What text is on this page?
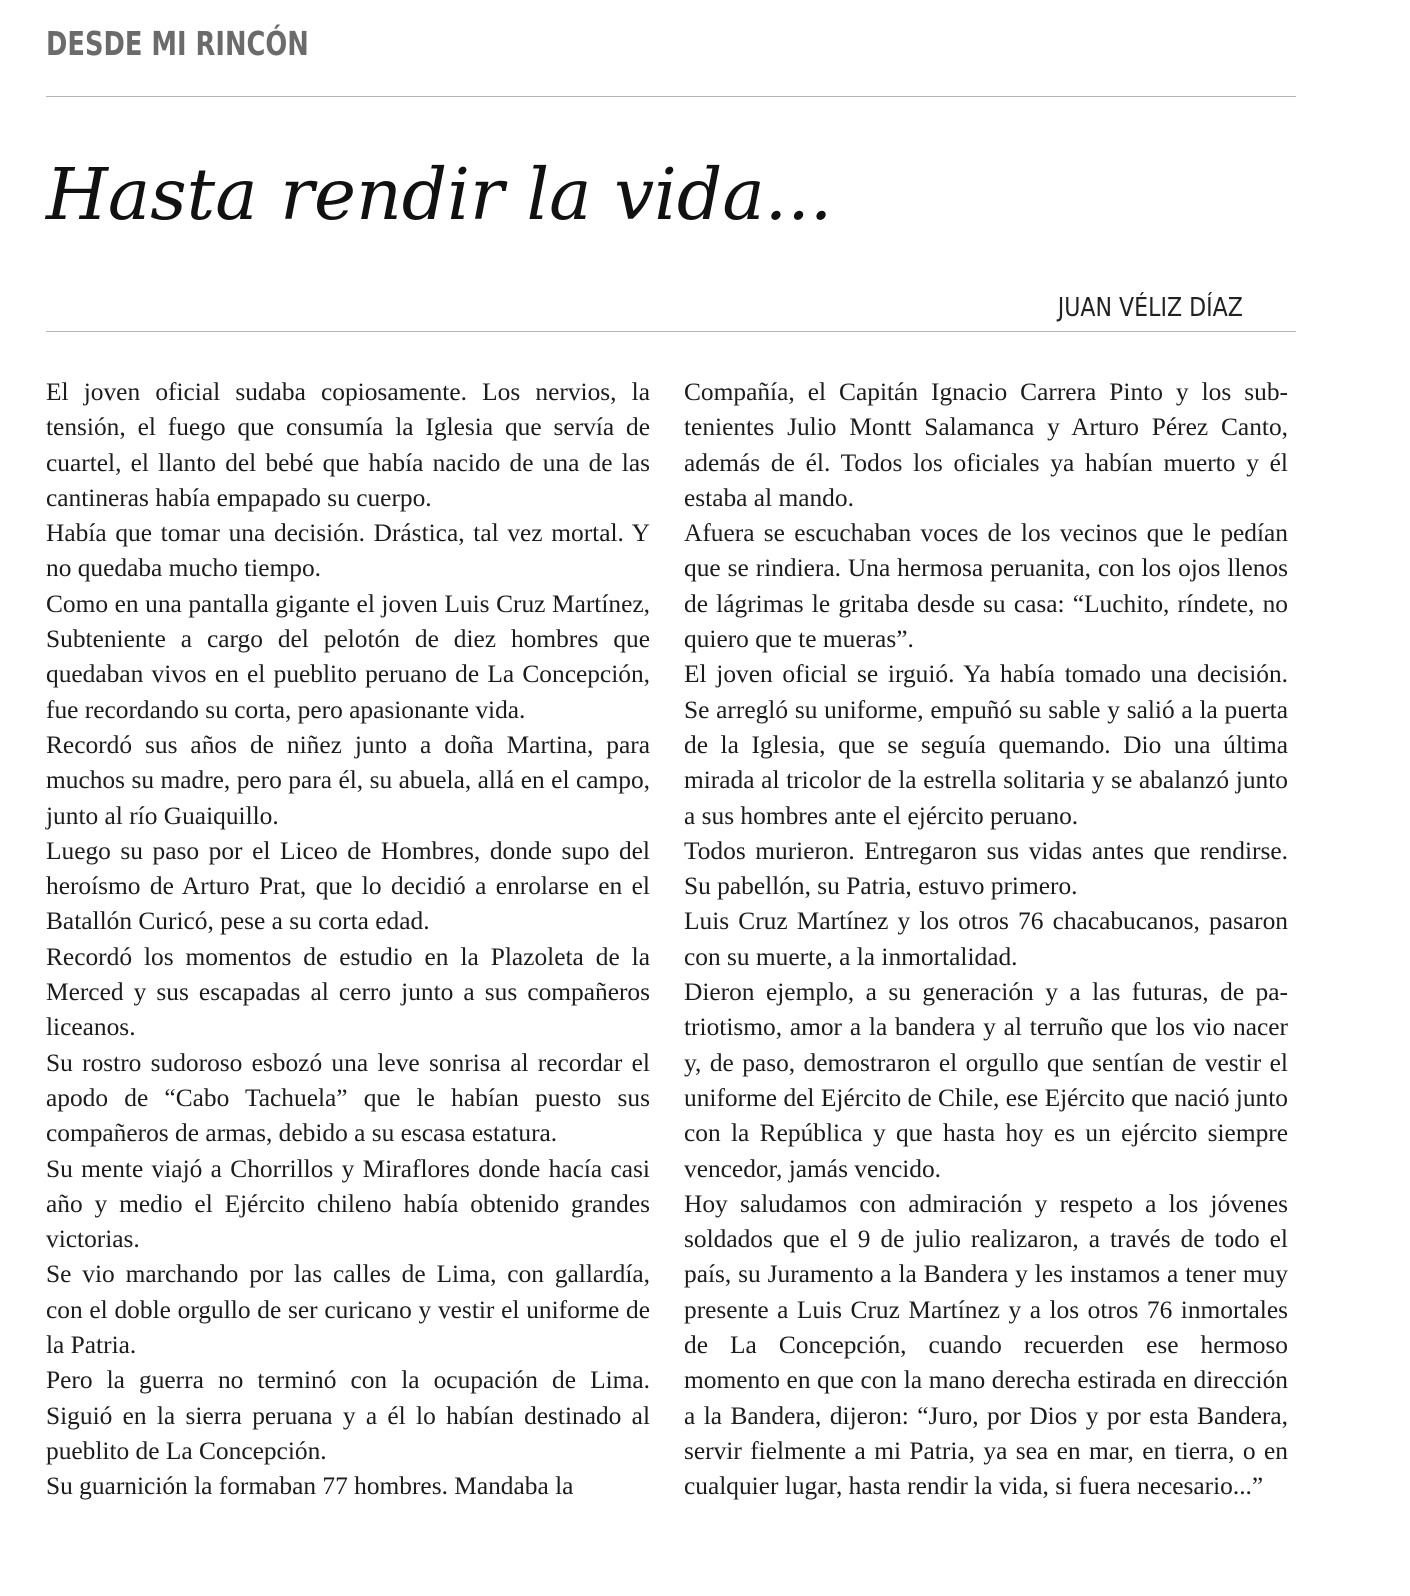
DESDE MI RINCÓN
Hasta rendir la vida...
JUAN VÉLIZ DÍAZ

El joven oficial sudaba copiosamente. Los nervios, la tensión, el fuego que consumía la Iglesia que servía de cuartel, el llanto del bebé que había nacido de una de las cantineras había empapado su cuerpo.

Había que tomar una decisión. Drástica, tal vez mortal. Y no quedaba mucho tiempo.

Como en una pantalla gigante el joven Luis Cruz Martínez, Subteniente a cargo del pelotón de diez hombres que quedaban vivos en el pueblito peruano de La Concepción, fue recordando su corta, pero apasionante vida.

Recordó sus años de niñez junto a doña Martina, para muchos su madre, pero para él, su abuela, allá en el campo, junto al río Guaiquillo.

Luego su paso por el Liceo de Hombres, donde supo del heroísmo de Arturo Prat, que lo decidió a enrolarse en el Batallón Curicó, pese a su corta edad.

Recordó los momentos de estudio en la Plazoleta de la Merced y sus escapadas al cerro junto a sus compañeros liceanos.

Su rostro sudoroso esbozó una leve sonrisa al recordar el apodo de “Cabo Tachuela” que le habían puesto sus compañeros de armas, debido a su escasa estatura.

Su mente viajó a Chorrillos y Miraflores donde hacía casi año y medio el Ejército chileno había obtenido grandes victorias.

Se vio marchando por las calles de Lima, con gallardía, con el doble orgullo de ser curicano y vestir el uniforme de la Patria.

Pero la guerra no terminó con la ocupación de Lima. Siguió en la sierra peruana y a él lo habían destinado al pueblito de La Concepción.

Su guarnición la formaban 77 hombres. Mandaba la

Compañía, el Capitán Ignacio Carrera Pinto y los subtenientes Julio Montt Salamanca y Arturo Pérez Canto, además de él. Todos los oficiales ya habían muerto y él estaba al mando.

Afuera se escuchaban voces de los vecinos que le pedían que se rindiera. Una hermosa peruanita, con los ojos llenos de lágrimas le gritaba desde su casa: “Luchito, ríndete, no quiero que te mueras”.

El joven oficial se irguió. Ya había tomado una decisión. Se arregló su uniforme, empuñó su sable y salió a la puerta de la Iglesia, que se seguía quemando. Dio una última mirada al tricolor de la estrella solitaria y se abalanzó junto a sus hombres ante el ejército peruano.

Todos murieron. Entregaron sus vidas antes que rendirse. Su pabellón, su Patria, estuvo primero.

Luis Cruz Martínez y los otros 76 chacabucanos, pasaron con su muerte, a la inmortalidad.

Dieron ejemplo, a su generación y a las futuras, de patriotismo, amor a la bandera y al terruño que los vio nacer y, de paso, demostraron el orgullo que sentían de vestir el uniforme del Ejército de Chile, ese Ejército que nació junto con la República y que hasta hoy es un ejército siempre vencedor, jamás vencido.

Hoy saludamos con admiración y respeto a los jóvenes soldados que el 9 de julio realizaron, a través de todo el país, su Juramento a la Bandera y les instamos a tener muy presente a Luis Cruz Martínez y a los otros 76 inmortales de La Concepción, cuando recuerden ese hermoso momento en que con la mano derecha estirada en dirección a la Bandera, dijeron: “Juro, por Dios y por esta Bandera, servir fielmente a mi Patria, ya sea en mar, en tierra, o en cualquier lugar, hasta rendir la vida, si fuera necesario...”
